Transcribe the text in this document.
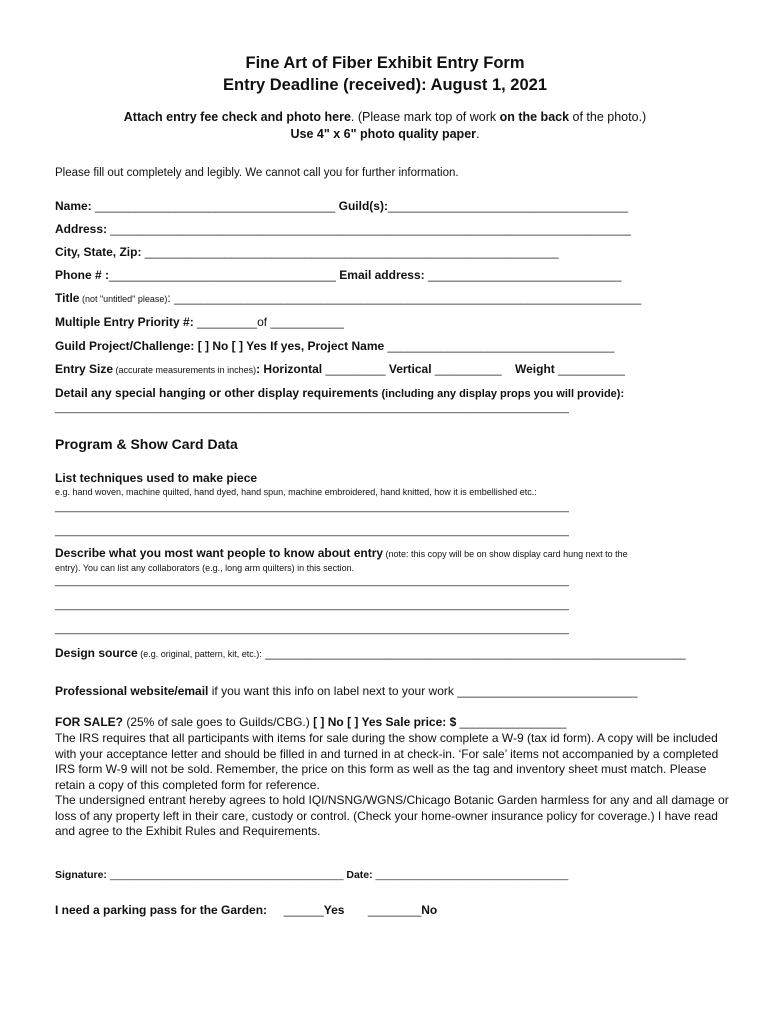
Fine Art of Fiber Exhibit Entry Form
Entry Deadline (received): August 1, 2021
Attach entry fee check and photo here. (Please mark top of work on the back of the photo.)
Use 4" x 6" photo quality paper.
Please fill out completely and legibly. We cannot call you for further information.
Name: ____________________________________ Guild(s):____________________________________
Address: ______________________________________________________________________________
City, State, Zip: ______________________________________________________________
Phone # :__________________________________ Email address: _____________________________
Title (not "untitled" please): ______________________________________________________________________
Multiple Entry Priority #: _________of ___________
Guild Project/Challenge: [ ] No [ ] Yes If yes, Project Name __________________________________
Entry Size (accurate measurements in inches): Horizontal _________ Vertical __________ Weight __________
Detail any special hanging or other display requirements (including any display props you will provide):
____________________________________________________________________________________
Program & Show Card Data
List techniques used to make piece
e.g. hand woven, machine quilted, hand dyed, hand spun, machine embroidered, hand knitted, how it is embellished etc.:
____________________________________________________________________________________
____________________________________________________________________________________
Describe what you most want people to know about entry (note: this copy will be on show display card hung next to the
entry). You can list any collaborators (e.g., long arm quilters) in this section.
____________________________________________________________________________________
____________________________________________________________________________________
____________________________________________________________________________________
Design source (e.g. original, pattern, kit, etc.): _______________________________________________________________
Professional website/email if you want this info on label next to your work ___________________________
FOR SALE? (25% of sale goes to Guilds/CBG.) [ ] No [ ] Yes Sale price: $ ________________
The IRS requires that all participants with items for sale during the show complete a W-9 (tax id form). A copy will be included with your acceptance letter and should be filled in and turned in at check-in. ‘For sale’ items not accompanied by a completed IRS form W-9 will not be sold. Remember, the price on this form as well as the tag and inventory sheet must match. Please retain a copy of this completed form for reference.
The undersigned entrant hereby agrees to hold IQI/NSNG/WGNS/Chicago Botanic Garden harmless for any and all damage or loss of any property left in their care, custody or control. (Check your home-owner insurance policy for coverage.) I have read and agree to the Exhibit Rules and Requirements.
Signature: ________________________________________ Date: _________________________________
I need a parking pass for the Garden: ______Yes ________No
